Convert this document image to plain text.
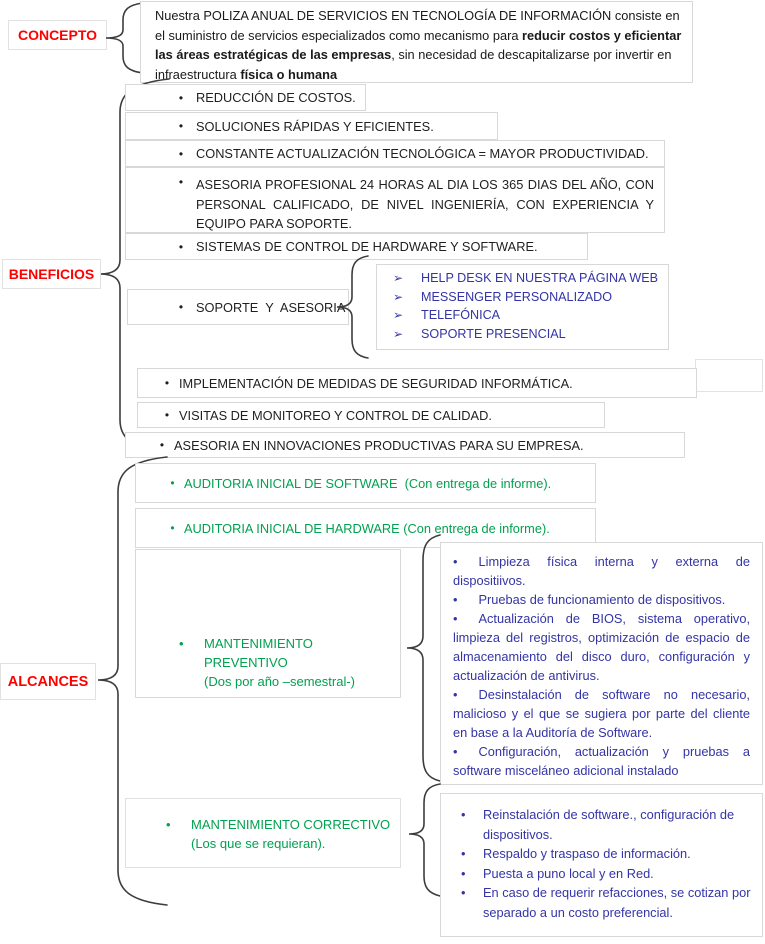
CONCEPTO
Nuestra POLIZA ANUAL DE SERVICIOS EN TECNOLOGÍA DE INFORMACIÓN consiste en el suministro de servicios especializados como mecanismo para reducir costos y eficientar las áreas estratégicas de las empresas, sin necesidad de descapitalizarse por invertir en infraestructura física o humana
BENEFICIOS
•	REDUCCIÓN DE COSTOS.
•	SOLUCIONES RÁPIDAS Y EFICIENTES.
•	CONSTANTE ACTUALIZACIÓN TECNOLÓGICA = MAYOR PRODUCTIVIDAD.
•	ASESORIA PROFESIONAL 24 HORAS AL DIA LOS 365 DIAS DEL AÑO, CON PERSONAL CALIFICADO, DE NIVEL INGENIERÍA, CON EXPERIENCIA Y EQUIPO PARA SOPORTE.
•	SISTEMAS DE CONTROL DE HARDWARE Y SOFTWARE.
•	SOPORTE  Y  ASESORIA
➢	HELP DESK EN NUESTRA PÁGINA WEB
➢	MESSENGER PERSONALIZADO
➢	TELEFÓNICA
➢	SOPORTE PRESENCIAL
• IMPLEMENTACIÓN DE MEDIDAS DE SEGURIDAD INFORMÁTICA.
• VISITAS DE MONITOREO Y CONTROL DE CALIDAD.
• ASESORIA EN INNOVACIONES PRODUCTIVAS PARA SU EMPRESA.
ALCANCES
• AUDITORIA INICIAL DE SOFTWARE  (Con entrega de informe).
• AUDITORIA INICIAL DE HARDWARE (Con entrega de informe).
•	MANTENIMIENTO PREVENTIVO
(Dos por año –semestral-)

• Limpieza física interna y externa de dispositiivos.

• Pruebas de funcionamiento de dispositivos.

• Actualización de BIOS, sistema operativo, limpieza del registros, optimización de espacio de almacenamiento del disco duro, configuración y actualización de antivirus.

• Desinstalación de software no necesario, malicioso y el que se sugiera por parte del cliente en base a la Auditoría de Software.

• Configuración, actualización y pruebas a software misceláneo adicional instalado

•	MANTENIMIENTO CORRECTIVO
(Los que se requieran).
•	Reinstalación de software., configuración de dispositivos.
•	Respaldo y traspaso de información.
•	Puesta a puno local y en Red.
•	En caso de requerir refacciones, se cotizan por separado a un costo preferencial.
